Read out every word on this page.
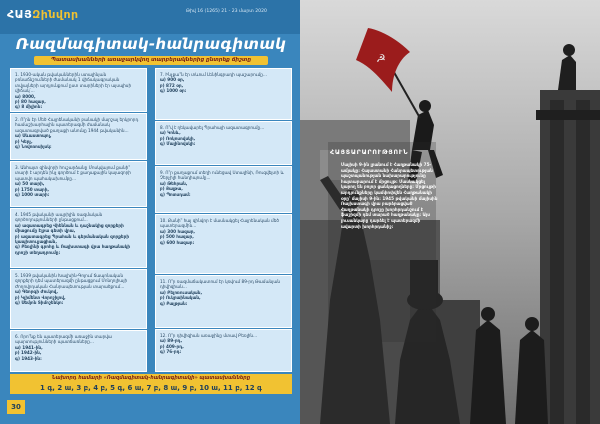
ՀԱՅԶինվոր	Թիվ 16 (1265) 21 - 23 մարտ 2020
Ռազմագիտակ-հանրագիտակ
Պատասխանների առաջարկվող տարբերակներից ընտրեք ճիշտը
1. 1930-ական թվականներին ստալինյան բռնաճնշումների ժամանակ 1 վիճակագրական տվյալների արդյունքում ըստ տարիների էր այսպիսի վիճակ՝...
ա) 8000,
բ) 80 հազար,
գ) 8 միլիոն:
2. Ո՞րն էր Մեծ Հայրենականի բանակի մարշալ երկրորդ համաշխարհային պատերազմի ժամանակ ազատագրված քաղաքի անունը 1944 թվականին...
ա) Սևաստոպոլ,
բ) Կերչ,
գ) Նովոռոսիյսկ:
3. Անհայտ զինվորի հուշարձանը Մոսկվայում քանի՞ տարի է արդեն ինչ գործում է քաղաքային կայազորի պատվո պահակախումբը...
ա) 50 տարի,
բ) 1750 տարի,
գ) 1000 տարի:
4. 1945 թվականի ապրիլին ռազմական գործողությունների ընթացքում...
ա) ազատագրեց Վիեննան և դաշնակից զորքերի միացումը Էլբա գետի վրա,
բ) ազատագրեց Պրահան և գերմանական զորքերի կապիտուլյացիան,
գ) Բեռլինի գրոհը և Ռայխստագի վրա հաղթանակի դրոշի տեղադրումը:
5. 1939 թվականին Խալխին-Գոլում ճապոնական զորքերի դեմ պատերազմի ընթացքում Մոնղոլիայի Ժողովրդական Հանրապետության տարածքում...
ա) Գեորգի Ժուկով,
բ) Կլիմենտ Վորոշիլով,
գ) Սեմյոն Տիմոշենկո:
6. Որո՞նք են պատերազմի առաջին տարվա պարտությունների պատճառները...
ա) 1941-ին,
բ) 1942-ին,
գ) 1943-ին:
7. Ինչքա՞ն էր տևում Լենինգրադի պաշարումը...
ա) 900 օր,
բ) 872 օր,
գ) 1000 օր:
8. Ո՞վ է ղեկավարել Պրահայի ազատագրումը...
ա) Կոնև,
բ) Ռոկոսովսկի,
գ) Մալինովսկի:
9. Ո՞ր քաղաքում տեղի ունեցավ Ստալինի, Ռուզվելտի և Չերչիլի հանդիպումը...
ա) Թեհրան,
բ) Յալթա,
գ) Պոտսդամ:
10. Քանի՞ հայ զինվոր է մասնակցել Հայրենական մեծ պատերազմին...
ա) 300 հազար,
բ) 500 հազար,
գ) 600 հազար:
11. Ո՞ր ռազմաճակատում էր կռվում 89-րդ Թամանյան դիվիզիան...
ա) Բելոռուսական,
բ) Ուկրաինական,
գ) Բալթյան:
12. Ո՞ր դիվիզիան առաջինը մտավ Բեռլին...
ա) 89-րդ,
բ) 409-րդ,
գ) 76-րդ:
Նախորդ համարի «Ռազմագիտակ-հանրագիտակի» պատասխանները
1 գ, 2 ա, 3 բ, 4 բ, 5 գ, 6 ա, 7 բ, 8 ա, 9 բ, 10 ա, 11 բ, 12 գ
30
☭
ՀԱՅՏԱՐԱՐՈՒԹՅՈՒՆ
Մայիսի 9-ին լրանում է Հաղթանակի 75-ամյակը: Հայաստանի Հանրապետության պաշտպանության նախարարությունը հայտարարում է մրցույթ: Մասնակցել կարող են բոլոր ցանկացողները: Մրցույթի արդյունքները կամփոփվեն Հաղթանակի օրը՝ մայիսի 9-ին: 1945 թվականի մայիսին Ռայխստագի վրա բարձրացված Հաղթանակի դրոշը խորհրդանշում է ֆաշիզմի դեմ տարած հաղթանակը: Այս լուսանկարը դարձել է պատերազմի ավարտի խորհրդանիշ:
